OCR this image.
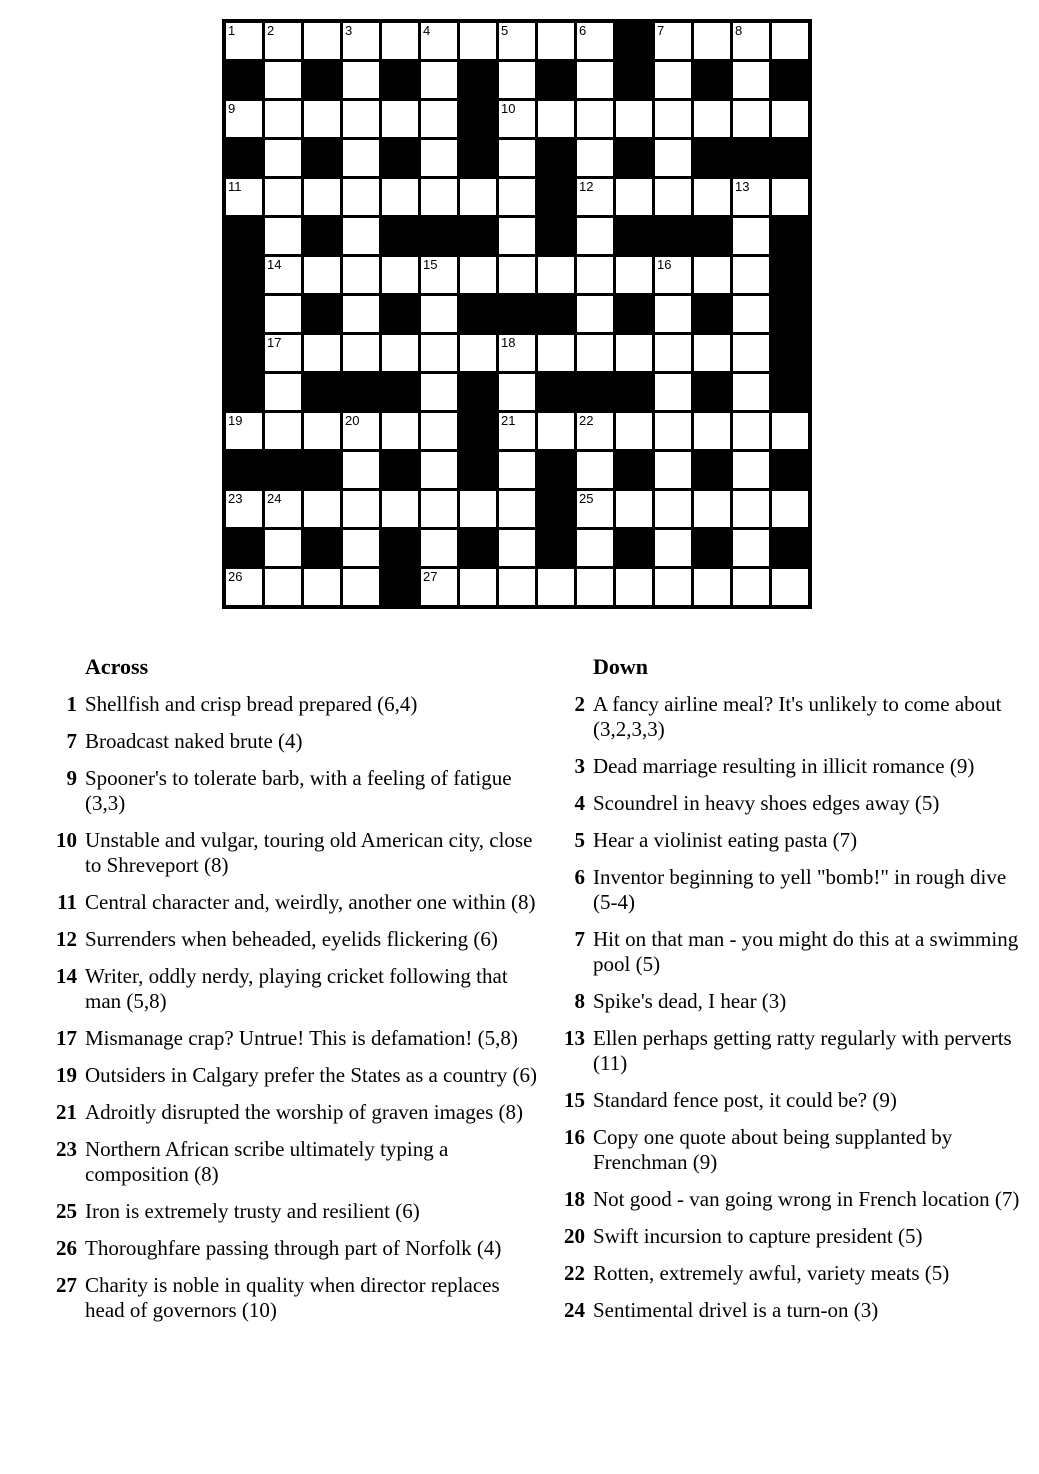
1 2	3	4	5	6	7	8
9	10
11	12	13
14	15	16
17	18
19	20	21	22
23 24	25
26	27
Across
1 Shellfish and crisp bread prepared (6,4)
7 Broadcast naked brute (4)
9 Spooner's to tolerate barb, with a feeling of fatigue (3,3)
10 Unstable and vulgar, touring old American city, close to Shreveport (8)
11 Central character and, weirdly, another one within (8)
12 Surrenders when beheaded, eyelids flickering (6)
14 Writer, oddly nerdy, playing cricket following that man (5,8)
17 Mismanage crap? Untrue! This is defamation! (5,8)
19 Outsiders in Calgary prefer the States as a country (6)
21 Adroitly disrupted the worship of graven images (8)
23 Northern African scribe ultimately typing a composition (8)
25 Iron is extremely trusty and resilient (6)
26 Thoroughfare passing through part of Norfolk (4)
27 Charity is noble in quality when director replaces head of governors (10)
Down
2 A fancy airline meal? It's unlikely to come about (3,2,3,3)
3 Dead marriage resulting in illicit romance (9)
4 Scoundrel in heavy shoes edges away (5)
5 Hear a violinist eating pasta (7)
6 Inventor beginning to yell "bomb!" in rough dive (5-4)
7 Hit on that man - you might do this at a swimming pool (5)
8 Spike's dead, I hear (3)
13 Ellen perhaps getting ratty regularly with perverts (11)
15 Standard fence post, it could be? (9)
16 Copy one quote about being supplanted by Frenchman (9)
18 Not good - van going wrong in French location (7)
20 Swift incursion to capture president (5)
22 Rotten, extremely awful, variety meats (5)
24 Sentimental drivel is a turn-on (3)
